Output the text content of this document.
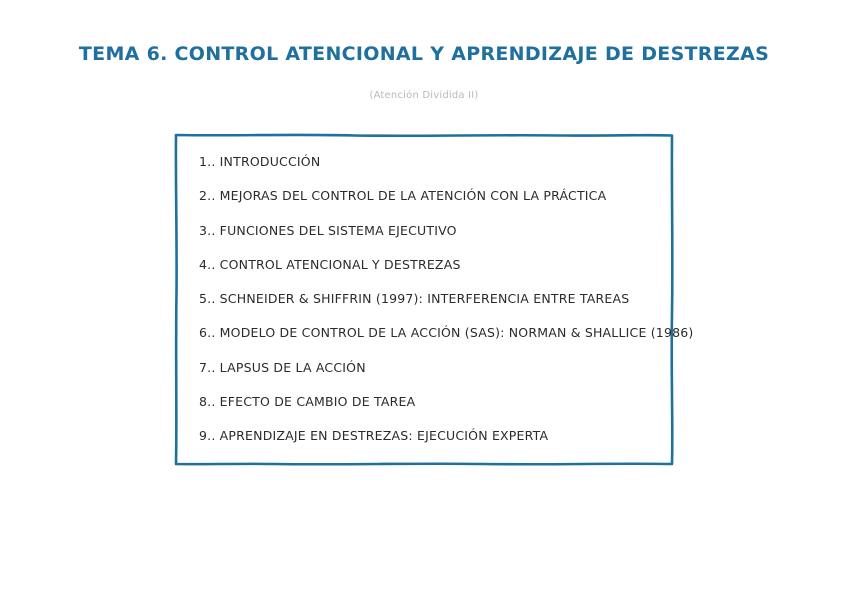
TEMA 6. CONTROL ATENCIONAL Y APRENDIZAJE DE DESTREZAS
(Atención Dividida II)
1.. INTRODUCCIÓN
2.. MEJORAS DEL CONTROL DE LA ATENCIÓN CON LA PRÁCTICA
3.. FUNCIONES DEL SISTEMA EJECUTIVO
4.. CONTROL ATENCIONAL Y DESTREZAS
5.. SCHNEIDER & SHIFFRIN (1997): INTERFERENCIA ENTRE TAREAS
6.. MODELO DE CONTROL DE LA ACCIÓN (SAS): NORMAN & SHALLICE (1986)
7.. LAPSUS DE LA ACCIÓN
8.. EFECTO DE CAMBIO DE TAREA
9.. APRENDIZAJE EN DESTREZAS: EJECUCIÓN EXPERTA
